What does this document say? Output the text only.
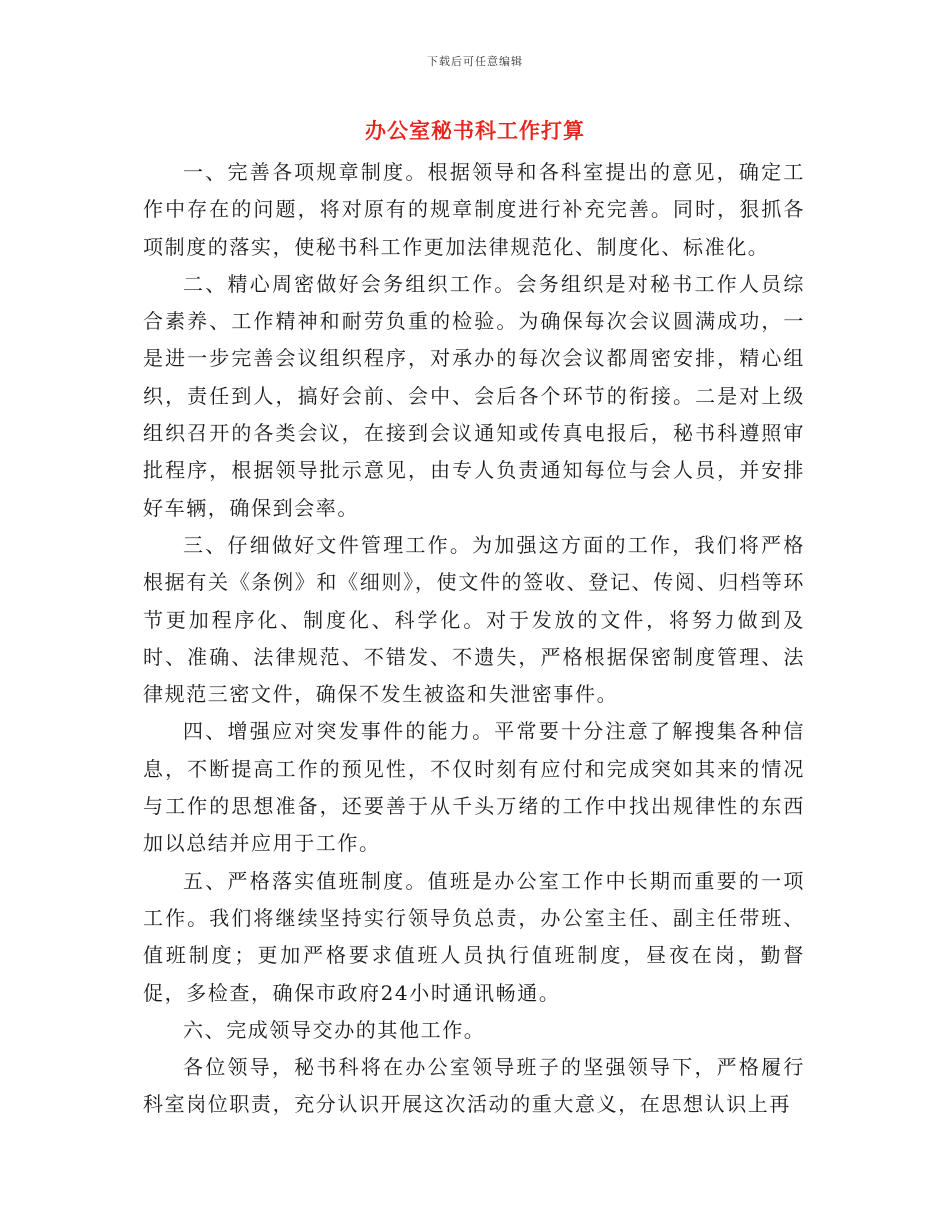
下载后可任意编辑
办公室秘书科工作打算

一、完善各项规章制度。根据领导和各科室提出的意见，确定工作中存在的问题，将对原有的规章制度进行补充完善。同时，狠抓各项制度的落实，使秘书科工作更加法律规范化、制度化、标准化。

二、精心周密做好会务组织工作。会务组织是对秘书工作人员综合素养、工作精神和耐劳负重的检验。为确保每次会议圆满成功，一是进一步完善会议组织程序，对承办的每次会议都周密安排，精心组织，责任到人，搞好会前、会中、会后各个环节的衔接。二是对上级组织召开的各类会议，在接到会议通知或传真电报后，秘书科遵照审批程序，根据领导批示意见，由专人负责通知每位与会人员，并安排好车辆，确保到会率。

三、仔细做好文件管理工作。为加强这方面的工作，我们将严格根据有关《条例》和《细则》，使文件的签收、登记、传阅、归档等环节更加程序化、制度化、科学化。对于发放的文件，将努力做到及时、准确、法律规范、不错发、不遗失，严格根据保密制度管理、法律规范三密文件，确保不发生被盗和失泄密事件。

四、增强应对突发事件的能力。平常要十分注意了解搜集各种信息，不断提高工作的预见性，不仅时刻有应付和完成突如其来的情况与工作的思想准备，还要善于从千头万绪的工作中找出规律性的东西加以总结并应用于工作。

五、严格落实值班制度。值班是办公室工作中长期而重要的一项工作。我们将继续坚持实行领导负总责，办公室主任、副主任带班、值班制度；更加严格要求值班人员执行值班制度，昼夜在岗，勤督促，多检查，确保市政府24小时通讯畅通。

六、完成领导交办的其他工作。

各位领导，秘书科将在办公室领导班子的坚强领导下，严格履行科室岗位职责，充分认识开展这次活动的重大意义，在思想认识上再
